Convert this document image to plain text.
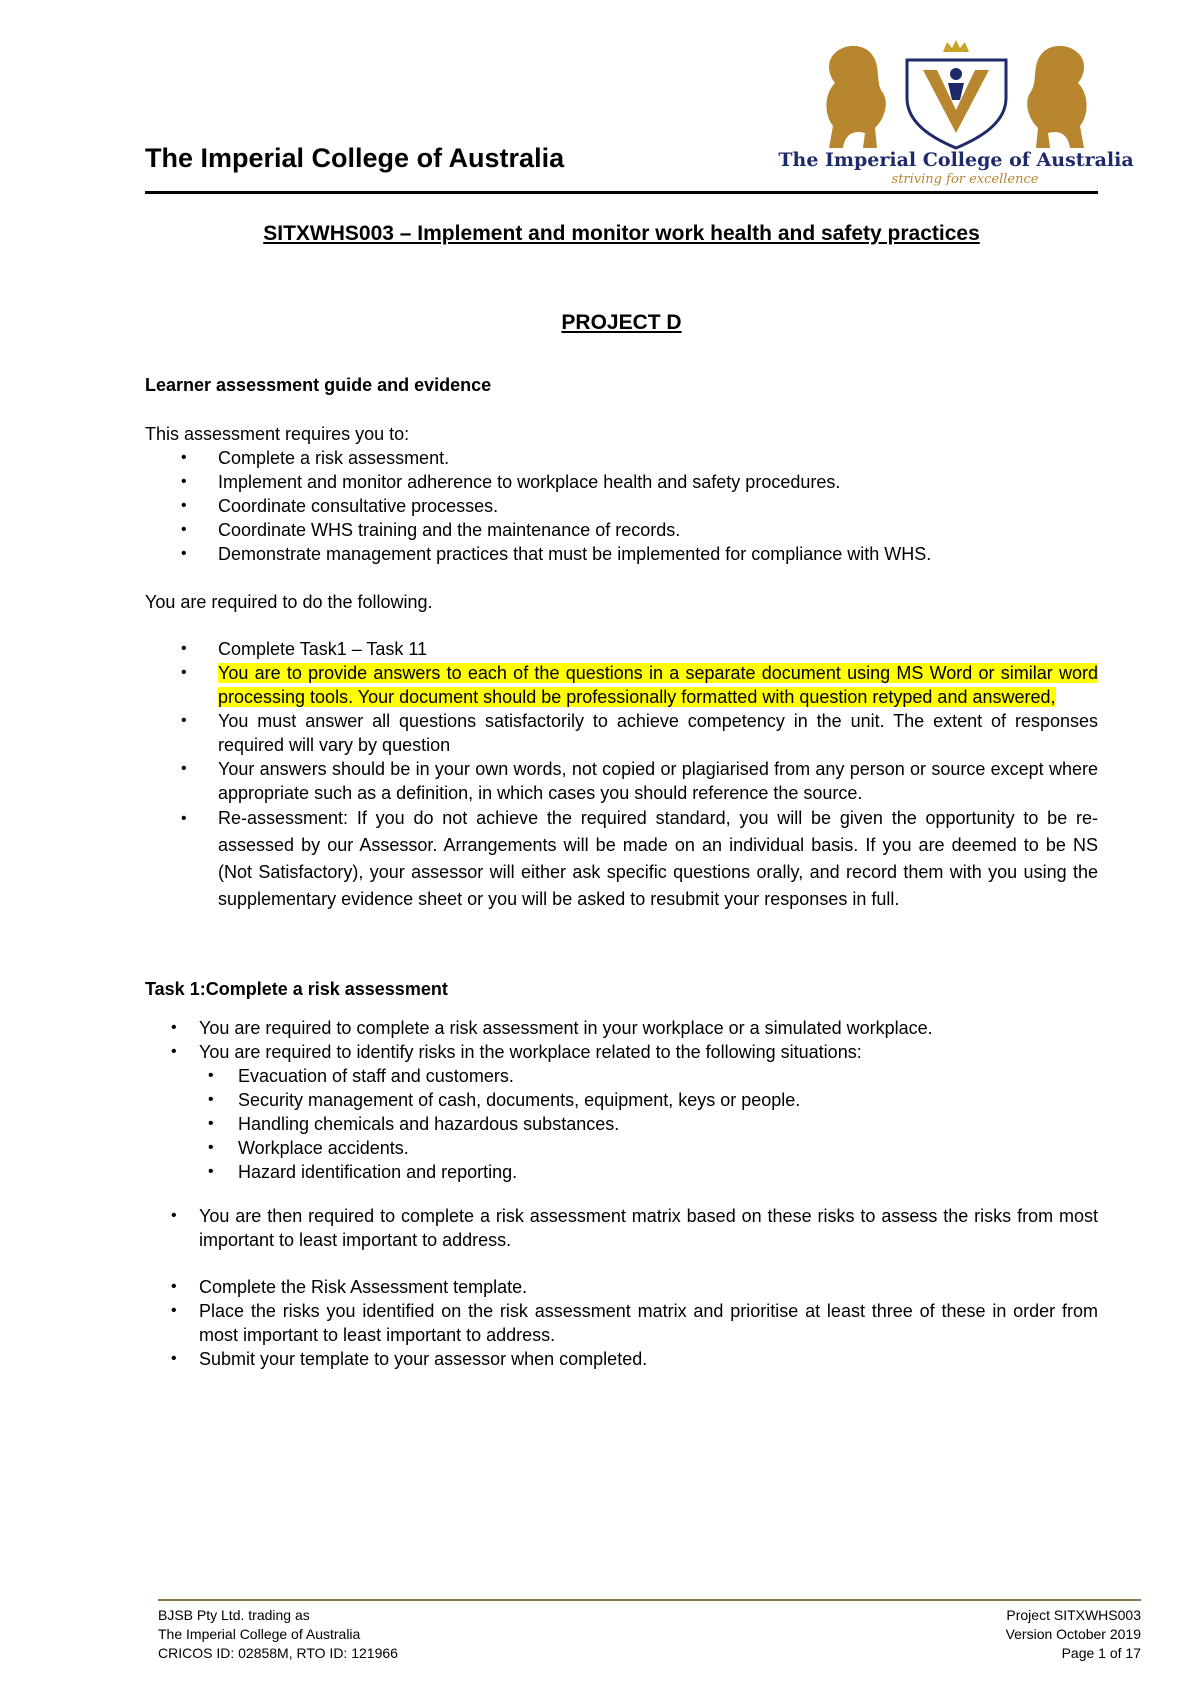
The Imperial College of Australia
striving for excellence
The Imperial College of Australia
SITXWHS003 – Implement and monitor work health and safety practices
PROJECT D
Learner assessment guide and evidence
This assessment requires you to:
• Complete a risk assessment.
• Implement and monitor adherence to workplace health and safety procedures.
• Coordinate consultative processes.
• Coordinate WHS training and the maintenance of records.
• Demonstrate management practices that must be implemented for compliance with WHS.
You are required to do the following.
• Complete Task1 – Task 11
• You are to provide answers to each of the questions in a separate document using MS Word or similar word processing tools. Your document should be professionally formatted with question retyped and answered,
• You must answer all questions satisfactorily to achieve competency in the unit. The extent of responses required will vary by question
• Your answers should be in your own words, not copied or plagiarised from any person or source except where appropriate such as a definition, in which cases you should reference the source.
• Re-assessment: If you do not achieve the required standard, you will be given the opportunity to be re-assessed by our Assessor. Arrangements will be made on an individual basis. If you are deemed to be NS (Not Satisfactory), your assessor will either ask specific questions orally, and record them with you using the supplementary evidence sheet or you will be asked to resubmit your responses in full.
Task 1:Complete a risk assessment
• You are required to complete a risk assessment in your workplace or a simulated workplace.
• You are required to identify risks in the workplace related to the following situations:
• Evacuation of staff and customers.
• Security management of cash, documents, equipment, keys or people.
• Handling chemicals and hazardous substances.
• Workplace accidents.
• Hazard identification and reporting.
• You are then required to complete a risk assessment matrix based on these risks to assess the risks from most important to least important to address.
• Complete the Risk Assessment template.
• Place the risks you identified on the risk assessment matrix and prioritise at least three of these in order from most important to least important to address.
• Submit your template to your assessor when completed.
BJSB Pty Ltd. trading as
The Imperial College of Australia
CRICOS ID: 02858M, RTO ID: 121966
Project SITXWHS003
Version October 2019
Page 1 of 17
